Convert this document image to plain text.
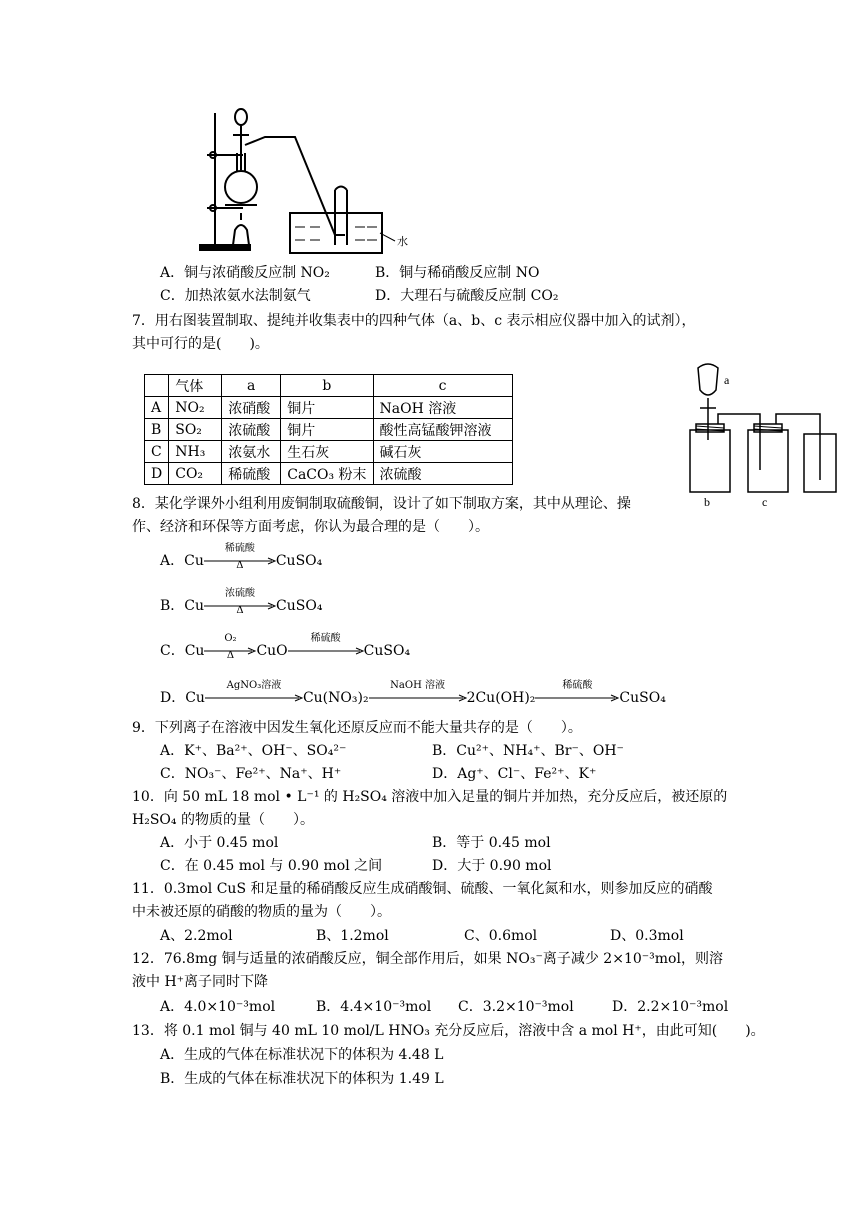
水
A．铜与浓硝酸反应制 NO₂	B．铜与稀硝酸反应制 NO
C．加热浓氨水法制氨气	D．大理石与硫酸反应制 CO₂
7．用右图装置制取、提纯并收集表中的四种气体（a、b、c 表示相应仪器中加入的试剂），
其中可行的是(　　)。
	气体	a	b	c
A	NO₂	浓硝酸	铜片	NaOH 溶液
B	SO₂	浓硫酸	铜片	酸性高锰酸钾溶液
C	NH₃	浓氨水	生石灰	碱石灰
D	CO₂	稀硫酸	CaCO₃ 粉末	浓硫酸
a
b	c
8．某化学课外小组利用废铜制取硫酸铜，设计了如下制取方案，其中从理论、操
作、经济和环保等方面考虑，你认为最合理的是（　　）。
A．Cu
稀硫酸
Δ	CuSO₄
B．Cu
浓硫酸
Δ	CuSO₄
C．Cu
O₂
Δ	CuO
稀硫酸
CuSO₄
D．Cu
AgNO₃溶液
Cu(NO₃)₂
NaOH 溶液
2Cu(OH)₂
稀硫酸
CuSO₄
9．下列离子在溶液中因发生氧化还原反应而不能大量共存的是（　　）。
A．K⁺、Ba²⁺、OH⁻、SO₄²⁻	B．Cu²⁺、NH₄⁺、Br⁻、OH⁻
C．NO₃⁻、Fe²⁺、Na⁺、H⁺	D．Ag⁺、Cl⁻、Fe²⁺、K⁺
10．向 50 mL 18 mol • L⁻¹ 的 H₂SO₄ 溶液中加入足量的铜片并加热，充分反应后，被还原的
H₂SO₄ 的物质的量（　　）。
A．小于 0.45 mol	B．等于 0.45 mol
C．在 0.45 mol 与 0.90 mol 之间	D．大于 0.90 mol
11．0.3mol CuS 和足量的稀硝酸反应生成硝酸铜、硫酸、一氧化氮和水，则参加反应的硝酸
中未被还原的硝酸的物质的量为（　　）。
A、2.2mol	B、1.2mol	C、0.6mol	D、0.3mol
12．76.8mg 铜与适量的浓硝酸反应，铜全部作用后，如果 NO₃⁻离子减少 2×10⁻³mol，则溶
液中 H⁺离子同时下降
A．4.0×10⁻³mol	B．4.4×10⁻³mol C．3.2×10⁻³mol	D．2.2×10⁻³mol
13．将 0.1 mol 铜与 40 mL 10 mol/L HNO₃ 充分反应后，溶液中含 a mol H⁺，由此可知(　　)。
A．生成的气体在标准状况下的体积为 4.48 L
B．生成的气体在标准状况下的体积为 1.49 L
